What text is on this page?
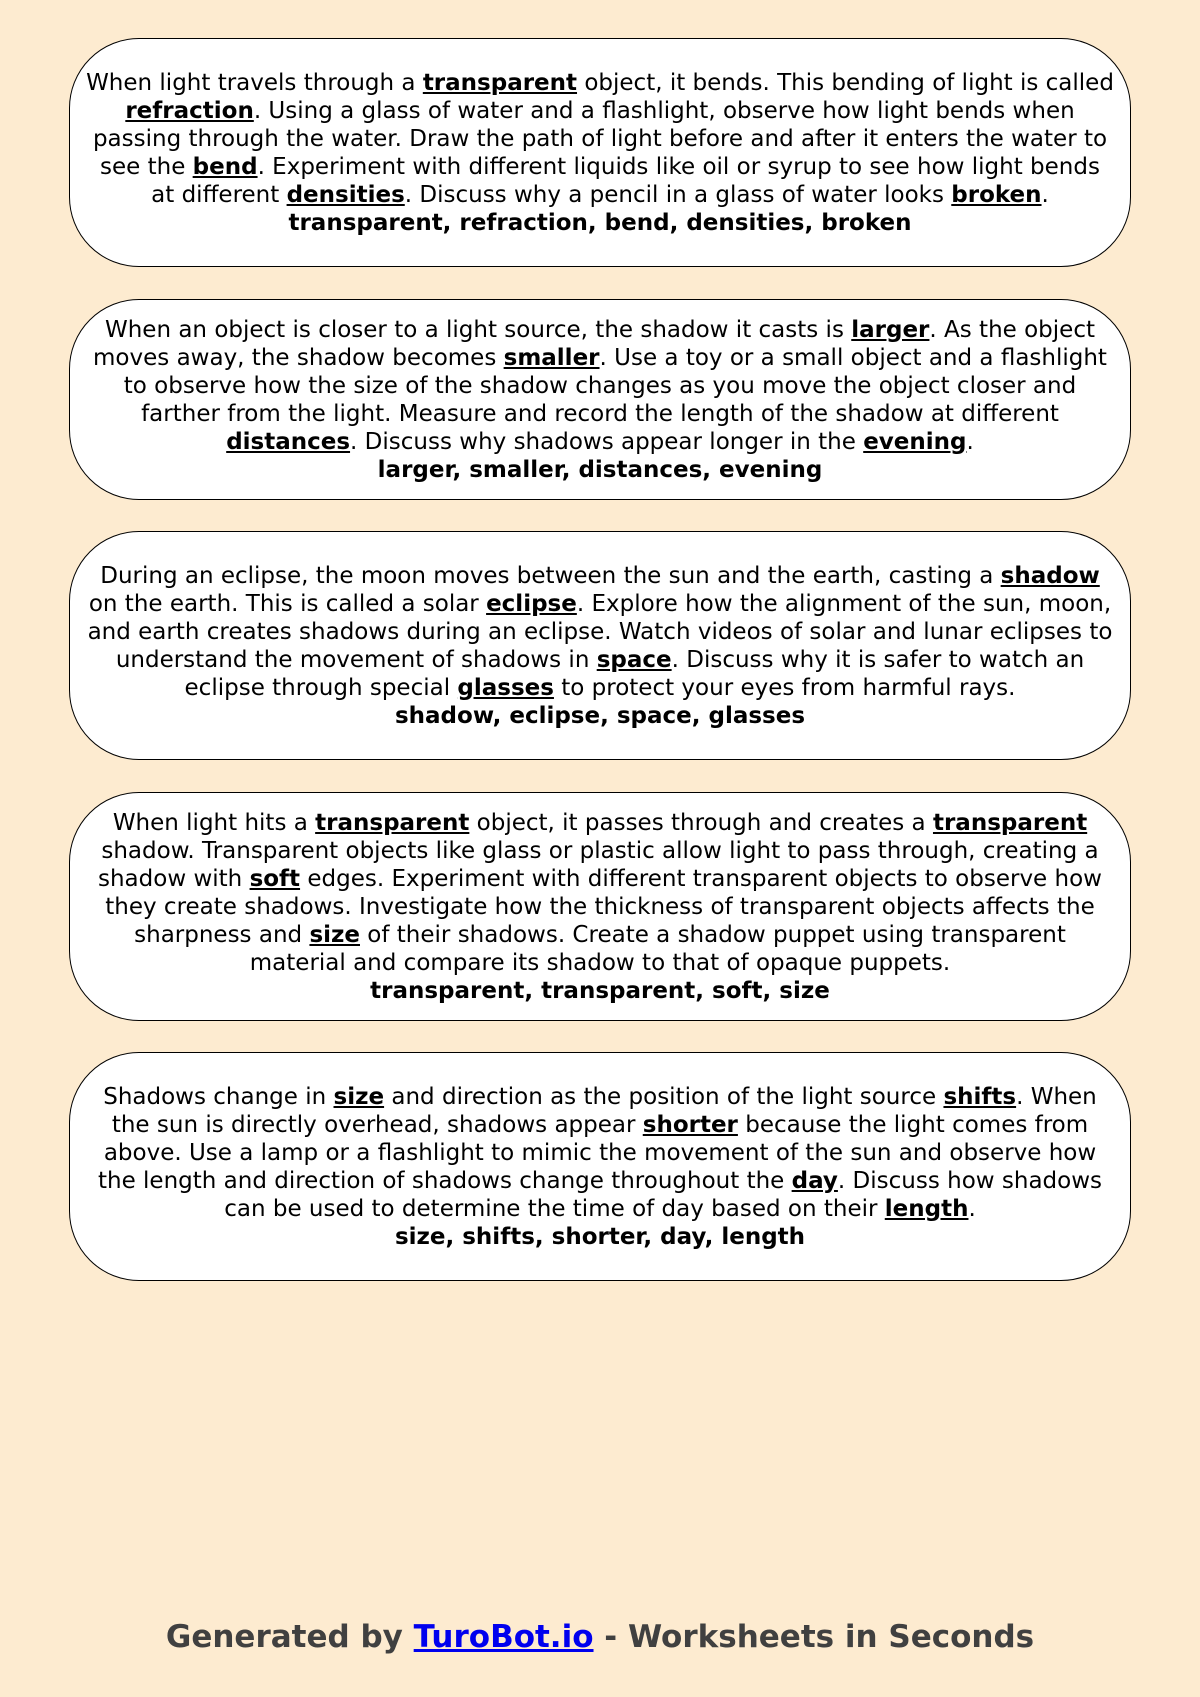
When light travels through a transparent object, it bends. This bending of light is called refraction. Using a glass of water and a flashlight, observe how light bends when passing through the water. Draw the path of light before and after it enters the water to see the bend. Experiment with different liquids like oil or syrup to see how light bends at different densities. Discuss why a pencil in a glass of water looks broken.

transparent, refraction, bend, densities, broken

When an object is closer to a light source, the shadow it casts is larger. As the object moves away, the shadow becomes smaller. Use a toy or a small object and a flashlight to observe how the size of the shadow changes as you move the object closer and farther from the light. Measure and record the length of the shadow at different distances. Discuss why shadows appear longer in the evening.

larger, smaller, distances, evening

During an eclipse, the moon moves between the sun and the earth, casting a shadow on the earth. This is called a solar eclipse. Explore how the alignment of the sun, moon, and earth creates shadows during an eclipse. Watch videos of solar and lunar eclipses to understand the movement of shadows in space. Discuss why it is safer to watch an eclipse through special glasses to protect your eyes from harmful rays.

shadow, eclipse, space, glasses

When light hits a transparent object, it passes through and creates a transparent shadow. Transparent objects like glass or plastic allow light to pass through, creating a shadow with soft edges. Experiment with different transparent objects to observe how they create shadows. Investigate how the thickness of transparent objects affects the sharpness and size of their shadows. Create a shadow puppet using transparent material and compare its shadow to that of opaque puppets.

transparent, transparent, soft, size

Shadows change in size and direction as the position of the light source shifts. When the sun is directly overhead, shadows appear shorter because the light comes from above. Use a lamp or a flashlight to mimic the movement of the sun and observe how the length and direction of shadows change throughout the day. Discuss how shadows can be used to determine the time of day based on their length.

size, shifts, shorter, day, length

Generated by TuroBot.io - Worksheets in Seconds
